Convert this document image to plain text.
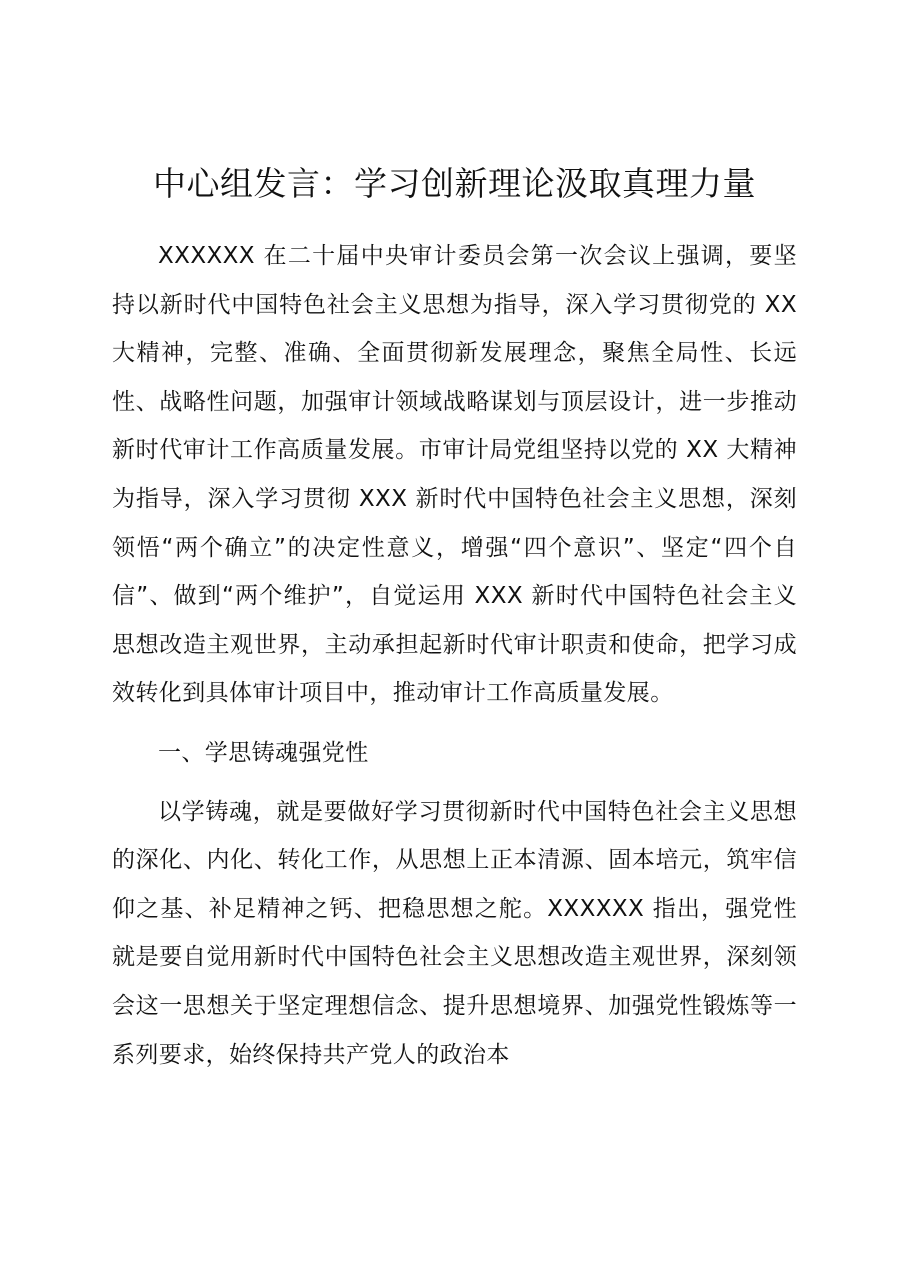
中心组发言：学习创新理论汲取真理力量

XXXXXX 在二十届中央审计委员会第一次会议上强调，要坚持以新时代中国特色社会主义思想为指导，深入学习贯彻党的 XX 大精神，完整、准确、全面贯彻新发展理念，聚焦全局性、长远性、战略性问题，加强审计领域战略谋划与顶层设计，进一步推动新时代审计工作高质量发展。市审计局党组坚持以党的 XX 大精神为指导，深入学习贯彻 XXX 新时代中国特色社会主义思想，深刻领悟“两个确立”的决定性意义，增强“四个意识”、坚定“四个自信”、做到“两个维护”，自觉运用 XXX 新时代中国特色社会主义思想改造主观世界，主动承担起新时代审计职责和使命，把学习成效转化到具体审计项目中，推动审计工作高质量发展。

一、学思铸魂强党性

以学铸魂，就是要做好学习贯彻新时代中国特色社会主义思想的深化、内化、转化工作，从思想上正本清源、固本培元，筑牢信仰之基、补足精神之钙、把稳思想之舵。XXXXXX 指出，强党性就是要自觉用新时代中国特色社会主义思想改造主观世界，深刻领会这一思想关于坚定理想信念、提升思想境界、加强党性锻炼等一系列要求，始终保持共产党人的政治本
